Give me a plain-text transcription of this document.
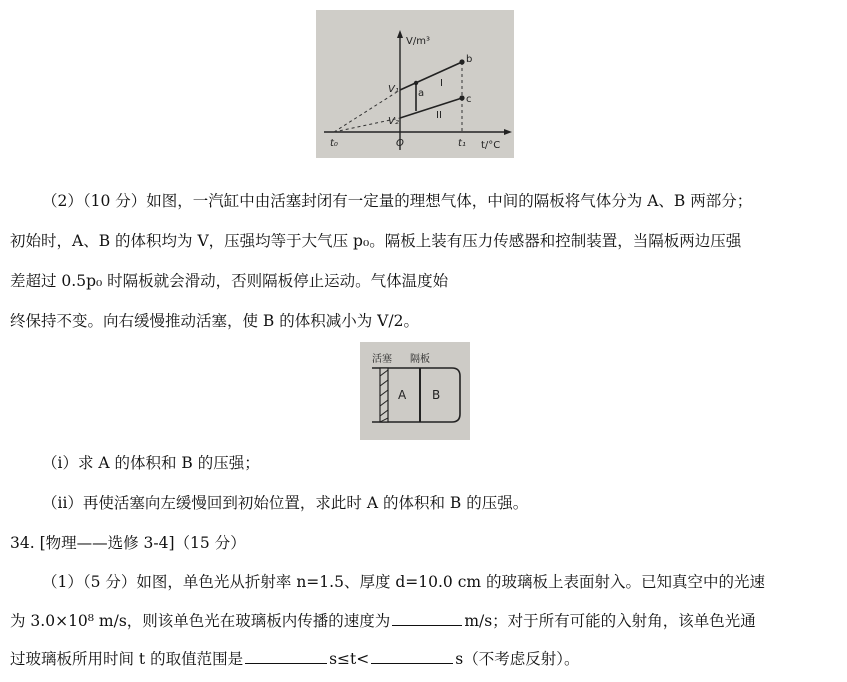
V/m³
t/°C
V₁
V₂
a
b
c
I
II
t₀	O	t₁
（2）（10 分）如图，一汽缸中由活塞封闭有一定量的理想气体，中间的隔板将气体分为 A、B 两部分；
初始时，A、B 的体积均为 V，压强均等于大气压 p₀。隔板上装有压力传感器和控制装置，当隔板两边压强
差超过 0.5p₀ 时隔板就会滑动，否则隔板停止运动。气体温度始
终保持不变。向右缓慢推动活塞，使 B 的体积减小为 V/2。
活塞 隔板
A B
（i）求 A 的体积和 B 的压强；
（ii）再使活塞向左缓慢回到初始位置，求此时 A 的体积和 B 的压强。
34. [物理——选修 3-4]（15 分）
（1）（5 分）如图，单色光从折射率 n=1.5、厚度 d=10.0 cm 的玻璃板上表面射入。已知真空中的光速
为 3.0×10⁸ m/s，则该单色光在玻璃板内传播的速度为	m/s；对于所有可能的入射角，该单色光通
过玻璃板所用时间 t 的取值范围是	s≤t<	s（不考虑反射）。
